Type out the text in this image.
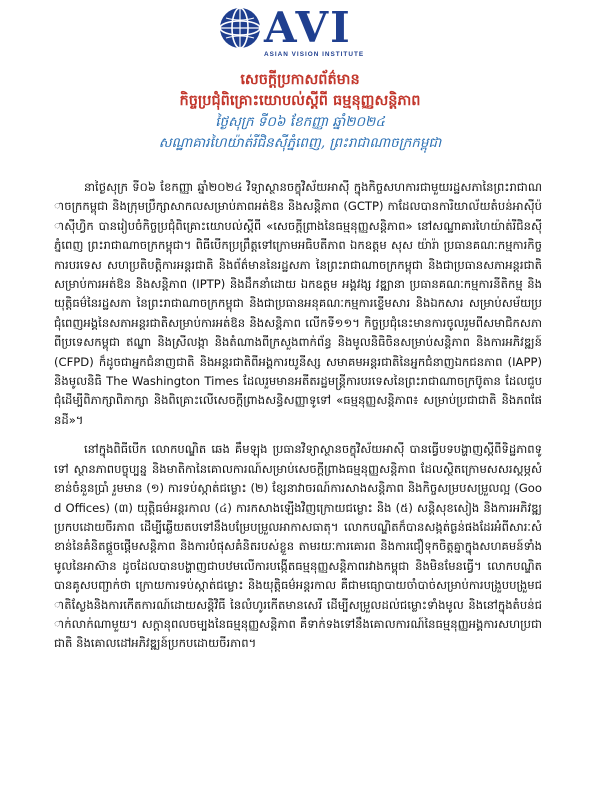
AVI
ASIAN VISION INSTITUTE
សេចក្តីប្រកាសព័ត៌មាន
កិច្ចប្រជុំពិគ្រោះយោបល់ស្តីពី ធម្មនុញ្ញសន្តិភាព
ថ្ងៃសុក្រ ទី០៦ ខែកញ្ញា ឆ្នាំ២០២៤
សណ្ឋាគារហៃយ៉ាត់រីជិនស៊ីភ្នំពេញ, ព្រះរាជាណាចក្រកម្ពុជា

នាថ្ងៃសុក្រ ទី០៦ ខែកញ្ញា ឆ្នាំ២០២៤ វិទ្យាស្ថានចក្ខុវិស័យអាស៊ី ក្នុងកិច្ចសហការជាមួយរដ្ឋសភានៃព្រះរាជាណាចក្រកម្ពុជា និងក្រុមប្រឹក្សាសាកលសម្រាប់ភាពអត់ឱន និងសន្តិភាព (GCTP) កាដែលបានការិយាល័យតំបន់អាស៊ីប៉ាស៊ីហ្វិក បានរៀបចំកិច្ចប្រជុំពិគ្រោះយោបល់ស្តីពី «សេចក្តីព្រាងនៃធម្មនុញ្ញសន្តិភាព» នៅសណ្ឋាគារហៃយ៉ាត់រីជិនស៊ីភ្នំពេញ ព្រះរាជាណាចក្រកម្ពុជា។ ពិធីបើកប្រព្រឹត្តទៅក្រោមអធិបតីភាព ឯកឧត្តម សុស យ៉ារ៉ា ប្រធានគណៈកម្មការកិច្ចការបរទេស សហប្រតិបត្តិការអន្តរជាតិ និងព័ត៌មាននៃរដ្ឋសភា នៃព្រះរាជាណាចក្រកម្ពុជា និងជាប្រធានសភាអន្តរជាតិសម្រាប់ការអត់ឱន និងសន្តិភាព (IPTP) និងដឹកនាំដោយ ឯកឧត្តម អង្គវង្ស វឌ្ឍានា ប្រធានគណៈកម្មការនីតិកម្ម និងយុត្តិធម៌នៃរដ្ឋសភា នៃព្រះរាជាណាចក្រកម្ពុជា និងជាប្រធានអនុគណៈកម្មការខ្ទើមសារ និងឯកសារ សម្រាប់សម័យប្រជុំពេញអង្គនៃសភាអន្តរជាតិសម្រាប់ការអត់ឱន និងសន្តិភាព លើកទី១១។ កិច្ចប្រជុំនេះមានការចូលរួមពីសមាជិកសភាពីប្រទេសកម្ពុជា ឥណ្ឌា និងស្រីលង្កា និងតំណាងពីក្រសួងពាក់ព័ន្ធ និងមូលនិធិចិនសម្រាប់សន្តិភាព និងការអភិវឌ្ឍន៍ (CFPD) ក៏ដូចជាអ្នកជំនាញជាតិ និងអន្តរជាតិពីអង្គការយូនីស្ស សមាគមអន្តរជាតិនៃអ្នកជំនាញឯកជនភាព (IAPP) និងមូលនិធិ The Washington Times ដែលរួមមានអតីតរដ្ឋមន្ត្រីការបរទេសនៃព្រះរាជាណាចក្រប៊ូតាន ដែលជួបជុំដើម្បីពិភាក្សាពិភាក្សា និងពិគ្រោះលើសេចក្តីព្រាងសន្ធិសញ្ញាទូទៅ «ធម្មនុញ្ញសន្តិភាព៖ សម្រាប់ប្រជាជាតិ និងភពផែនដី»។

នៅក្នុងពិធីបើក លោកបណ្ឌិត ឆេង គឹមឡុង ប្រធានវិទ្យាស្ថានចក្ខុវិស័យអាស៊ី បានធ្វើបទបង្ហាញស្តីពីទិដ្ឋភាពទូទៅ ស្ថានភាពបច្ចុប្បន្ន និងមាតិកានៃគោលការណ៍សម្រាប់សេចក្តីព្រាងធម្មនុញ្ញសន្តិភាព ដែលស្ថិតក្រោមសសរស្តម្ភសំខាន់ចំនួនប្រាំ រួមមាន (១) ការទប់ស្កាត់ជម្លោះ (២) ខ្សែនាវាចរណ៍ការសាងសន្តិភាព និងកិច្ចសម្របសម្រួលល្អ (Good Offices) (៣) យុត្តិធម៌អន្តរកាល (៤) ការកសាងឡើងវិញក្រោយជម្លោះ និង (៥) សន្តិសុខសៀង និងការអភិវឌ្ឍប្រកបដោយចីរភាព ដើម្បីឆ្លើយតបទៅនឹងបម្រែបម្រួលអាកាសធាតុ។ លោកបណ្ឌិតក៏បានសង្កត់ធ្ងន់ផងដែរអំពីសារៈសំខាន់នៃគំនិតផ្តួចផ្តើមសន្តិភាព និងការបំផុសគំនិតរបស់ខ្លួន តាមរយៈការគោរព និងការជឿទុកចិត្តគ្នាក្នុងសហគមន៍ទាំងមូលនៃអាស៊ាន ដូចដែលបានបង្ហាញជាបឋមលើការបង្កើតធម្មនុញ្ញសន្តិភាពរវាងកម្ពុជា និងមិនមែនធ្វើ។ លោកបណ្ឌិតបានគូសបញ្ជាក់ថា ក្រោយការទប់ស្កាត់ជម្លោះ និងយុត្តិធម៌អន្តរកាល គឺជាមធ្យោបាយចាំបាច់សម្រាប់ការបង្រួបបង្រួមជាតិស្ងែងនិងការកើតការណ៍ដោយសន្តិវិធី នៃលំហូរកើតមានសេរី ដើម្បីសម្រួលដល់ជម្លោះទាំងមូល និងនៅក្នុងតំបន់ជាក់លាក់ណាមួយ។ សក្តានុពលចម្បងនៃធម្មនុញ្ញសន្តិភាព គឺទាក់ទងទៅនឹងគោលការណ៍នៃធម្មនុញ្ញអង្គការសហប្រជាជាតិ និងគោលដៅអភិវឌ្ឍន៍ប្រកបដោយចីរភាព។
